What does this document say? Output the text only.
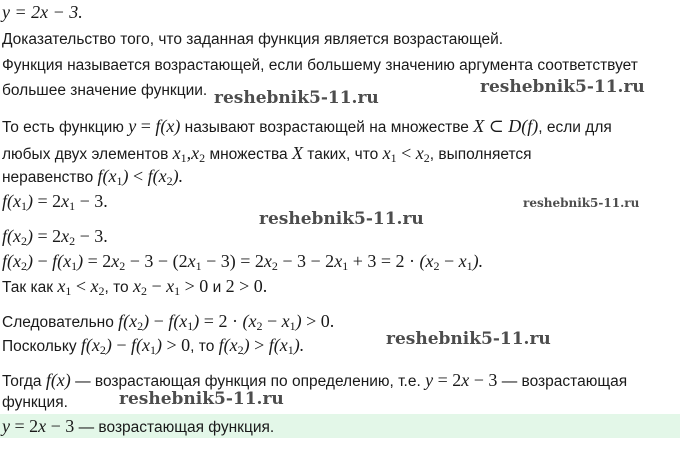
y = 2x − 3.
Доказательство того, что заданная функция является возрастающей.
Функция называется возрастающей, если большему значению аргумента соответствует
большее значение функции.
То есть функцию y = f(x) называют возрастающей на множестве X ⊂ D(f), если для
любых двух элементов $x_1,x_2$ множества X таких, что $x_1 < x_2$, выполняется
неравенство $f(x_1) < f(x_2)$.
$f(x_1) = 2x_1 - 3$.
$f(x_2) = 2x_2 - 3$.
$f(x_2) - f(x_1) = 2x_2 - 3 - (2x_1 - 3) = 2x_2 - 3 - 2x_1 + 3 = 2 \cdot (x_2 - x_1)$.
Так как $x_1 < x_2$, то $x_2 - x_1 > 0$ и 2 > 0.
Следовательно $f(x_2) - f(x_1) = 2 \cdot (x_2 - x_1) > 0$.
Поскольку $f(x_2) - f(x_1) > 0$, то $f(x_2) > f(x_1)$.
Тогда f(x) — возрастающая функция по определению, т.е. y = 2x − 3 — возрастающая
функция.
y = 2x − 3 — возрастающая функция.
reshebnik5-11.ru
reshebnik5-11.ru
reshebnik5-11.ru
reshebnik5-11.ru
reshebnik5-11.ru
reshebnik5-11.ru
